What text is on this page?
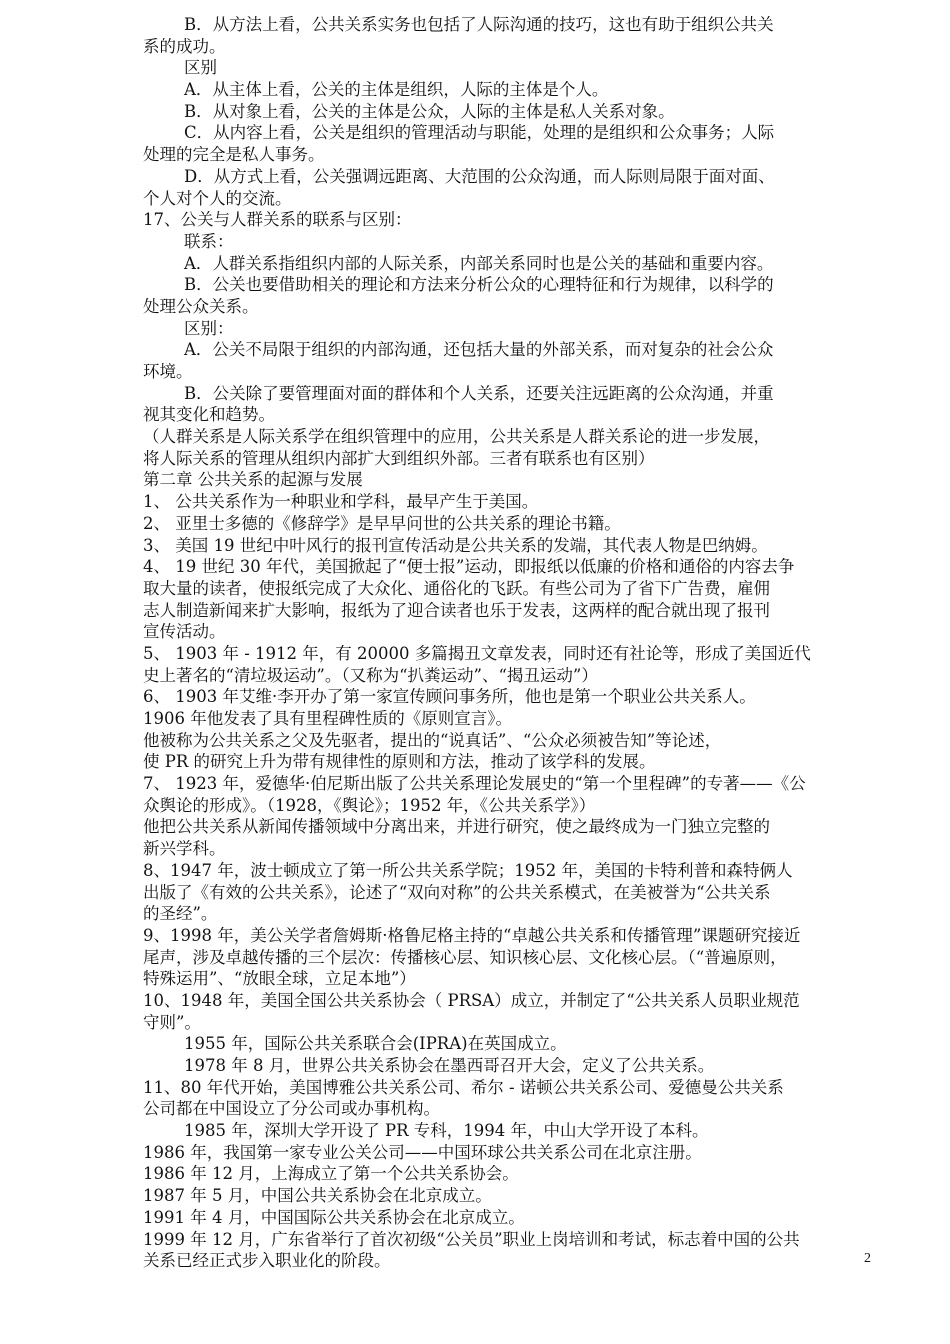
B．从方法上看，公共关系实务也包括了人际沟通的技巧，这也有助于组织公共关
系的成功。
区别
A．从主体上看，公关的主体是组织，人际的主体是个人。
B．从对象上看，公关的主体是公众，人际的主体是私人关系对象。
C．从内容上看，公关是组织的管理活动与职能，处理的是组织和公众事务；人际
处理的完全是私人事务。
D．从方式上看，公关强调远距离、大范围的公众沟通，而人际则局限于面对面、
个人对个人的交流。
17、公关与人群关系的联系与区别：
联系：
A．人群关系指组织内部的人际关系，内部关系同时也是公关的基础和重要内容。
B．公关也要借助相关的理论和方法来分析公众的心理特征和行为规律，以科学的
处理公众关系。
区别：
A．公关不局限于组织的内部沟通，还包括大量的外部关系，而对复杂的社会公众
环境。
B．公关除了要管理面对面的群体和个人关系，还要关注远距离的公众沟通，并重
视其变化和趋势。
（人群关系是人际关系学在组织管理中的应用，公共关系是人群关系论的进一步发展，
将人际关系的管理从组织内部扩大到组织外部。三者有联系也有区别）
第二章 公共关系的起源与发展
1、 公共关系作为一种职业和学科，最早产生于美国。
2、 亚里士多德的《修辞学》是早早问世的公共关系的理论书籍。
3、 美国 19 世纪中叶风行的报刊宣传活动是公共关系的发端，其代表人物是巴纳姆。
4、 19 世纪 30 年代，美国掀起了“便士报”运动，即报纸以低廉的价格和通俗的内容去争
取大量的读者，使报纸完成了大众化、通俗化的飞跃。有些公司为了省下广告费，雇佣
志人制造新闻来扩大影响，报纸为了迎合读者也乐于发表，这两样的配合就出现了报刊
宣传活动。
5、 1903 年 - 1912 年，有 20000 多篇揭丑文章发表，同时还有社论等，形成了美国近代
史上著名的“清垃圾运动”。（又称为“扒粪运动”、“揭丑运动”）
6、 1903 年艾维·李开办了第一家宣传顾问事务所，他也是第一个职业公共关系人。
1906 年他发表了具有里程碑性质的《原则宣言》。
他被称为公共关系之父及先驱者，提出的“说真话”、“公众必须被告知”等论述，
使 PR 的研究上升为带有规律性的原则和方法，推动了该学科的发展。
7、 1923 年，爱德华·伯尼斯出版了公共关系理论发展史的“第一个里程碑”的专著——《公
众舆论的形成》。（1928，《舆论》；1952 年，《公共关系学》）
他把公共关系从新闻传播领域中分离出来，并进行研究，使之最终成为一门独立完整的
新兴学科。
8、1947 年，波士顿成立了第一所公共关系学院；1952 年，美国的卡特利普和森特俩人
出版了《有效的公共关系》，论述了“双向对称”的公共关系模式，在美被誉为“公共关系
的圣经”。
9、1998 年，美公关学者詹姆斯·格鲁尼格主持的“卓越公共关系和传播管理”课题研究接近
尾声，涉及卓越传播的三个层次：传播核心层、知识核心层、文化核心层。（“普遍原则，
特殊运用”、“放眼全球，立足本地”）
10、1948 年，美国全国公共关系协会（ PRSA）成立，并制定了“公共关系人员职业规范
守则”。
1955 年，国际公共关系联合会(IPRA)在英国成立。
1978 年 8 月，世界公共关系协会在墨西哥召开大会，定义了公共关系。
11、80 年代开始，美国博雅公共关系公司、希尔 - 诺顿公共关系公司、爱德曼公共关系
公司都在中国设立了分公司或办事机构。
1985 年，深圳大学开设了 PR 专科，1994 年，中山大学开设了本科。
1986 年，我国第一家专业公关公司——中国环球公共关系公司在北京注册。
1986 年 12 月，上海成立了第一个公共关系协会。
1987 年 5 月，中国公共关系协会在北京成立。
1991 年 4 月，中国国际公共关系协会在北京成立。
1999 年 12 月，广东省举行了首次初级“公关员”职业上岗培训和考试，标志着中国的公共
关系已经正式步入职业化的阶段。	2
